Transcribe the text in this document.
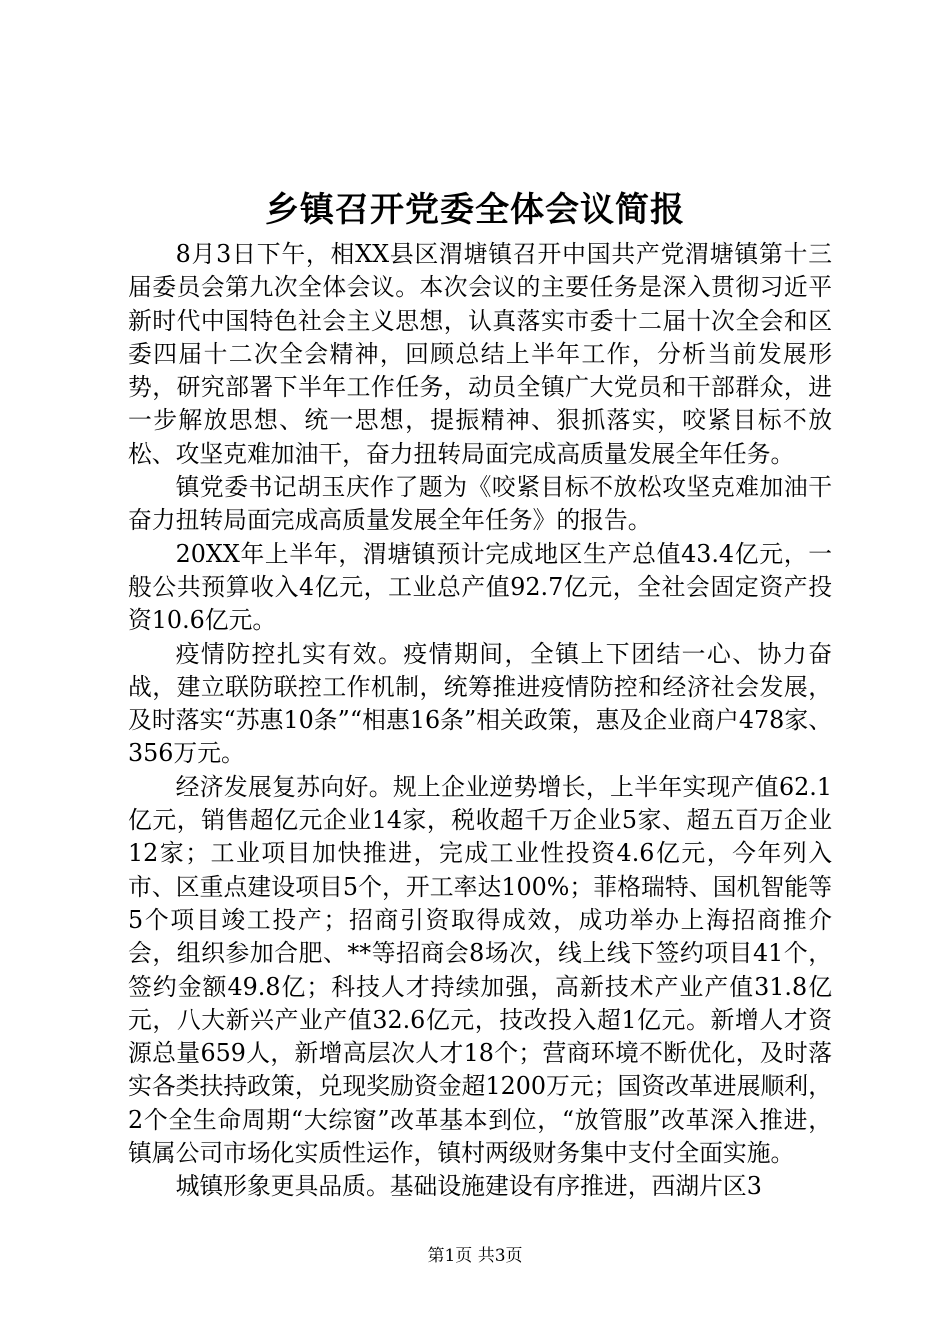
乡镇召开党委全体会议简报

8月3日下午，相XX县区渭塘镇召开中国共产党渭塘镇第十三届委员会第九次全体会议。本次会议的主要任务是深入贯彻习近平新时代中国特色社会主义思想，认真落实市委十二届十次全会和区委四届十二次全会精神，回顾总结上半年工作，分析当前发展形势，研究部署下半年工作任务，动员全镇广大党员和干部群众，进一步解放思想、统一思想，提振精神、狠抓落实，咬紧目标不放松、攻坚克难加油干，奋力扭转局面完成高质量发展全年任务。

镇党委书记胡玉庆作了题为《咬紧目标不放松攻坚克难加油干奋力扭转局面完成高质量发展全年任务》的报告。

20XX年上半年，渭塘镇预计完成地区生产总值43.4亿元，一般公共预算收入4亿元，工业总产值92.7亿元，全社会固定资产投资10.6亿元。

疫情防控扎实有效。疫情期间，全镇上下团结一心、协力奋战，建立联防联控工作机制，统筹推进疫情防控和经济社会发展，及时落实“苏惠10条”“相惠16条”相关政策，惠及企业商户478家、356万元。

经济发展复苏向好。规上企业逆势增长，上半年实现产值62.1亿元，销售超亿元企业14家，税收超千万企业5家、超五百万企业12家；工业项目加快推进，完成工业性投资4.6亿元，今年列入市、区重点建设项目5个，开工率达100%；菲格瑞特、国机智能等5个项目竣工投产；招商引资取得成效，成功举办上海招商推介会，组织参加合肥、**等招商会8场次，线上线下签约项目41个，签约金额49.8亿；科技人才持续加强，高新技术产业产值31.8亿元，八大新兴产业产值32.6亿元，技改投入超1亿元。新增人才资源总量659人，新增高层次人才18个；营商环境不断优化，及时落实各类扶持政策，兑现奖励资金超1200万元；国资改革进展顺利，2个全生命周期“大综窗”改革基本到位，“放管服”改革深入推进，镇属公司市场化实质性运作，镇村两级财务集中支付全面实施。

城镇形象更具品质。基础设施建设有序推进，西湖片区3

第1页 共3页
